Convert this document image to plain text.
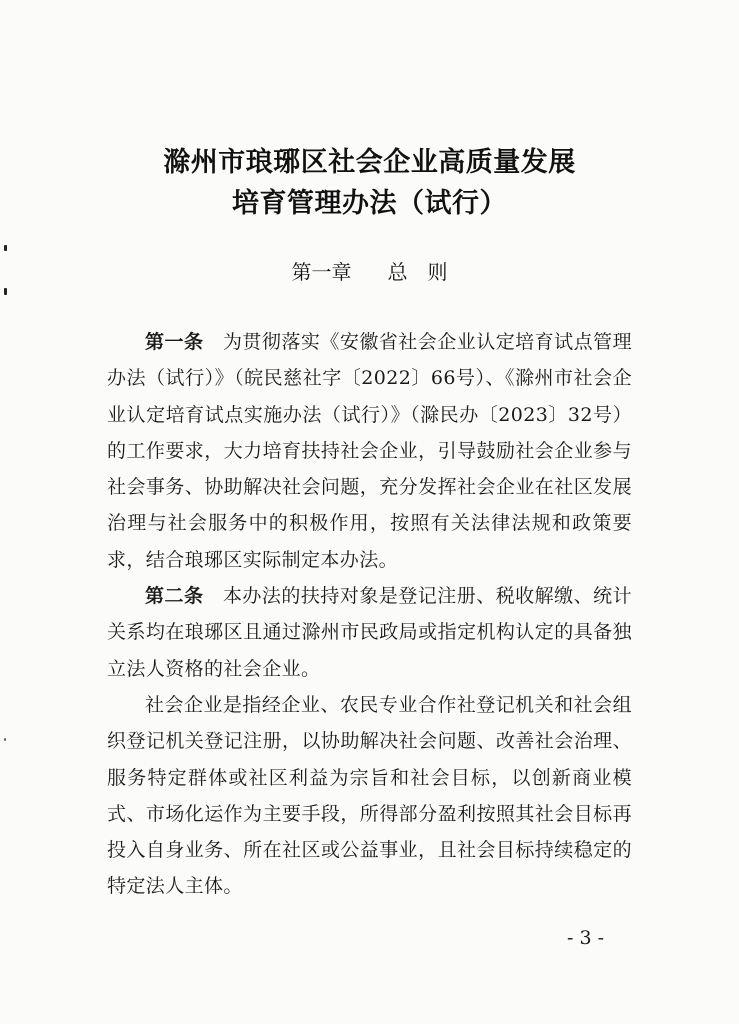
滁州市琅琊区社会企业高质量发展
培育管理办法（试行）
第一章 总　则

第一条　 为贯彻落实《安徽省社会企业认定培育试点管理办法（试行）》（皖民慈社字〔2022〕66号）、《滁州市社会企业认定培育试点实施办法（试行）》（滁民办〔2023〕32号）的工作要求，大力培育扶持社会企业，引导鼓励社会企业参与社会事务、协助解决社会问题，充分发挥社会企业在社区发展治理与社会服务中的积极作用，按照有关法律法规和政策要求，结合琅琊区实际制定本办法。

第二条　 本办法的扶持对象是登记注册、税收解缴、统计关系均在琅琊区且通过滁州市民政局或指定机构认定的具备独立法人资格的社会企业。

社会企业是指经企业、农民专业合作社登记机关和社会组织登记机关登记注册，以协助解决社会问题、改善社会治理、服务特定群体或社区利益为宗旨和社会目标，以创新商业模式、市场化运作为主要手段，所得部分盈利按照其社会目标再投入自身业务、所在社区或公益事业，且社会目标持续稳定的特定法人主体。

- 3 -
